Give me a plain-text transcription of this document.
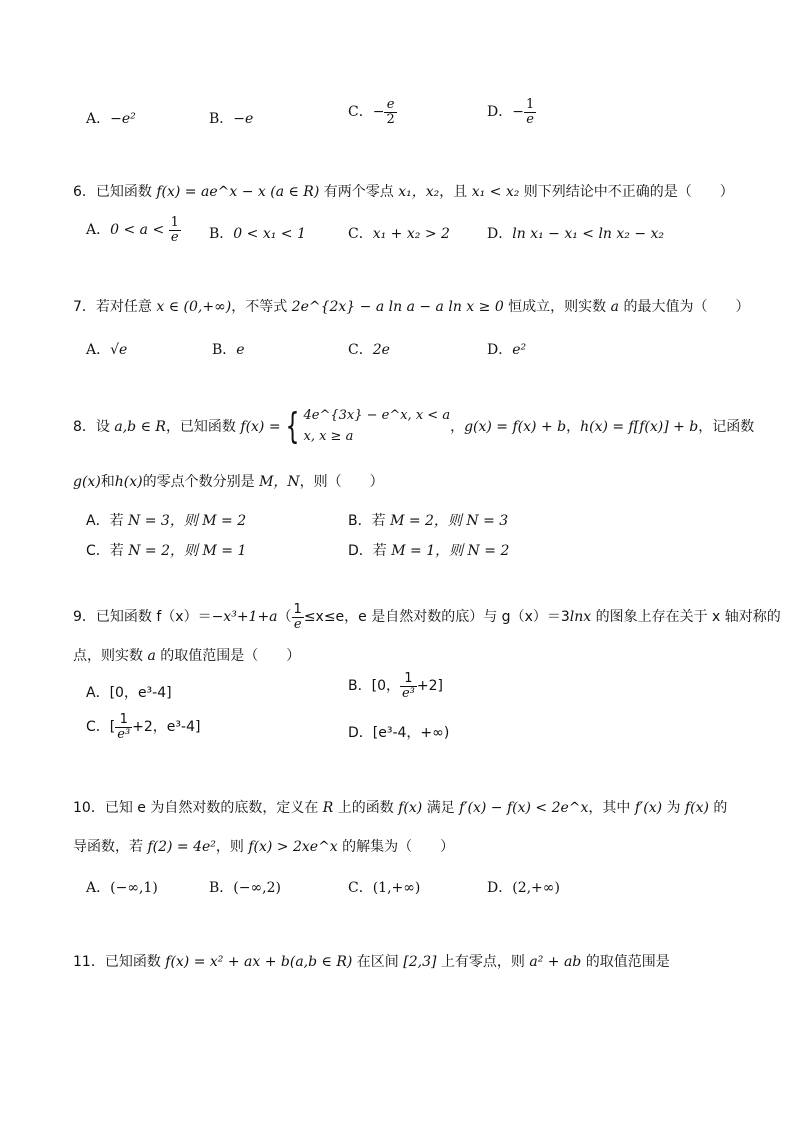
A．−e²	B．−e	C．− $\frac{e}{2}$	D．− $\frac{1}{e}$
6．已知函数 f(x) = ae^x − x (a ∈ R) 有两个零点 x₁，x₂，且 x₁ < x₂ 则下列结论中不正确的是（　　）
A．$0 < a < \frac{1}{e}$ B．0 < x₁ < 1	C．x₁ + x₂ > 2	D．ln x₁ − x₁ < ln x₂ − x₂
7．若对任意 x ∈ (0,+∞)，不等式 2e^{2x} − a ln a − a ln x ≥ 0 恒成立，则实数 a 的最大值为（　　）
A．√e	B．e	C．2e	D．e²
8．设 a,b ∈ R，已知函数 f(x) = { 4e^{3x} − e^x, x < a
x, x ≥ a
，g(x) = f(x) + b，h(x) = f[f(x)] + b，记函数
g(x)和h(x)的零点个数分别是 M，N，则（　　）
A．若 N = 3，则 M = 2	B．若 M = 2，则 N = 3
C．若 N = 2，则 M = 1	D．若 M = 1，则 N = 2
9．已知函数 $f(x)=-x^3+1+a( \frac{1}{e} \le x\le e$，e 是自然对数的底）与 g（x）＝3lnx 的图象上存在关于 x 轴对称的
点，则实数 a 的取值范围是（　　）
A．[0，e³-4]	B．[0， $\frac{1}{\text{e³}} +2$]
C．[ $\frac{1}{\text{e³}} +2$，e³-4]	D．[e³-4，+∞)
10．已知 e 为自然对数的底数，定义在 R 上的函数 f(x) 满足 f′(x) − f(x) < 2e^x，其中 f′(x) 为 f(x) 的
导函数，若 f(2) = 4e²，则 f(x) > 2xe^x 的解集为（　　）
A．(−∞,1)	B．(−∞,2)	C．(1,+∞)	D．(2,+∞)
11．已知函数 f(x) = x² + ax + b(a,b ∈ R) 在区间 [2,3] 上有零点，则 a² + ab 的取值范围是
